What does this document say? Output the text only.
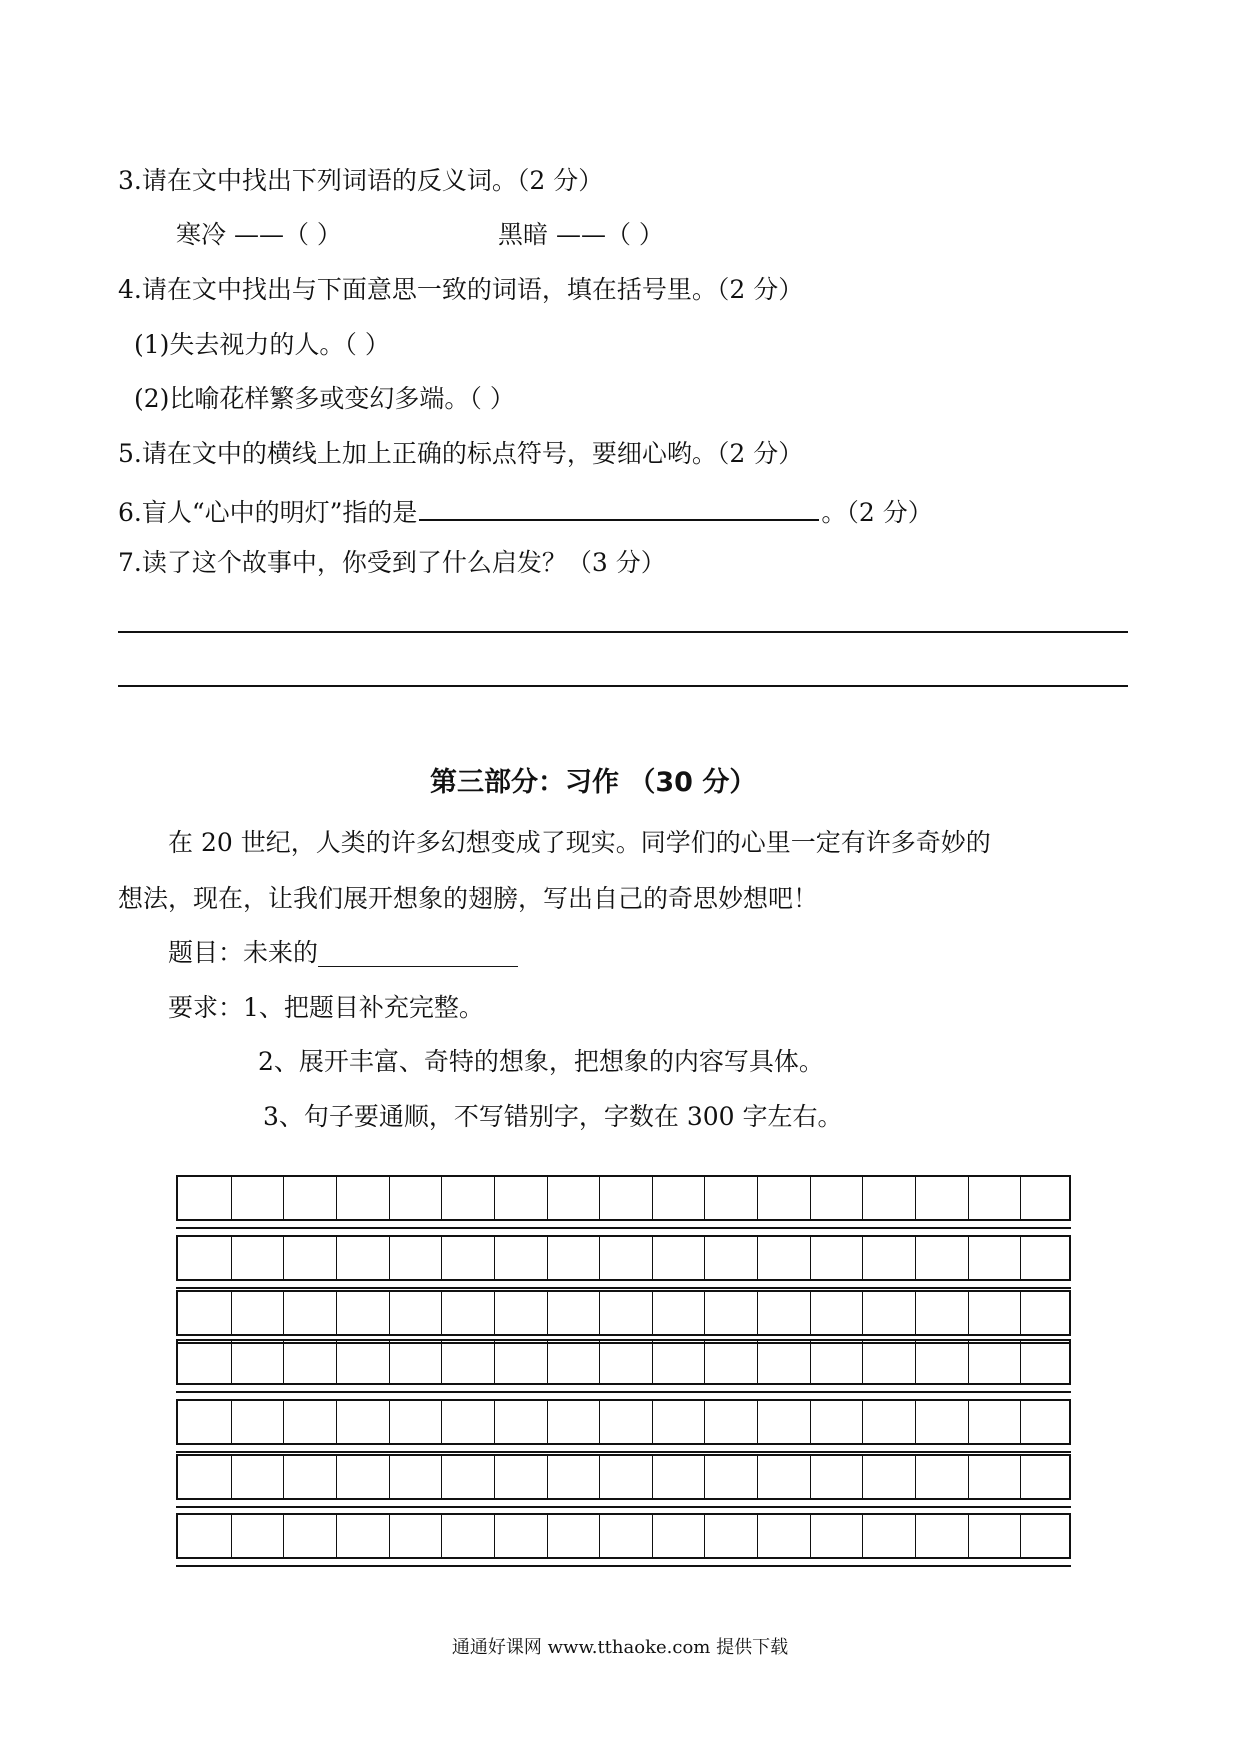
3.请在文中找出下列词语的反义词。（2 分）
寒冷 ——（ ）	黑暗 ——（ ）
4.请在文中找出与下面意思一致的词语，填在括号里。（2 分）
(1)失去视力的人。（ ）
(2)比喻花样繁多或变幻多端。（ ）
5.请在文中的横线上加上正确的标点符号，要细心哟。（2 分）
6.盲人“心中的明灯”指的是	。（2 分）
7.读了这个故事中，你受到了什么启发？（3 分）
第三部分：习作 （30 分）
在 20 世纪，人类的许多幻想变成了现实。同学们的心里一定有许多奇妙的
想法，现在，让我们展开想象的翅膀，写出自己的奇思妙想吧！
题目：未来的________________
要求：1、把题目补充完整。
2、展开丰富、奇特的想象，把想象的内容写具体。
3、句子要通顺，不写错别字，字数在 300 字左右。
通通好课网 www.tthaoke.com 提供下载
